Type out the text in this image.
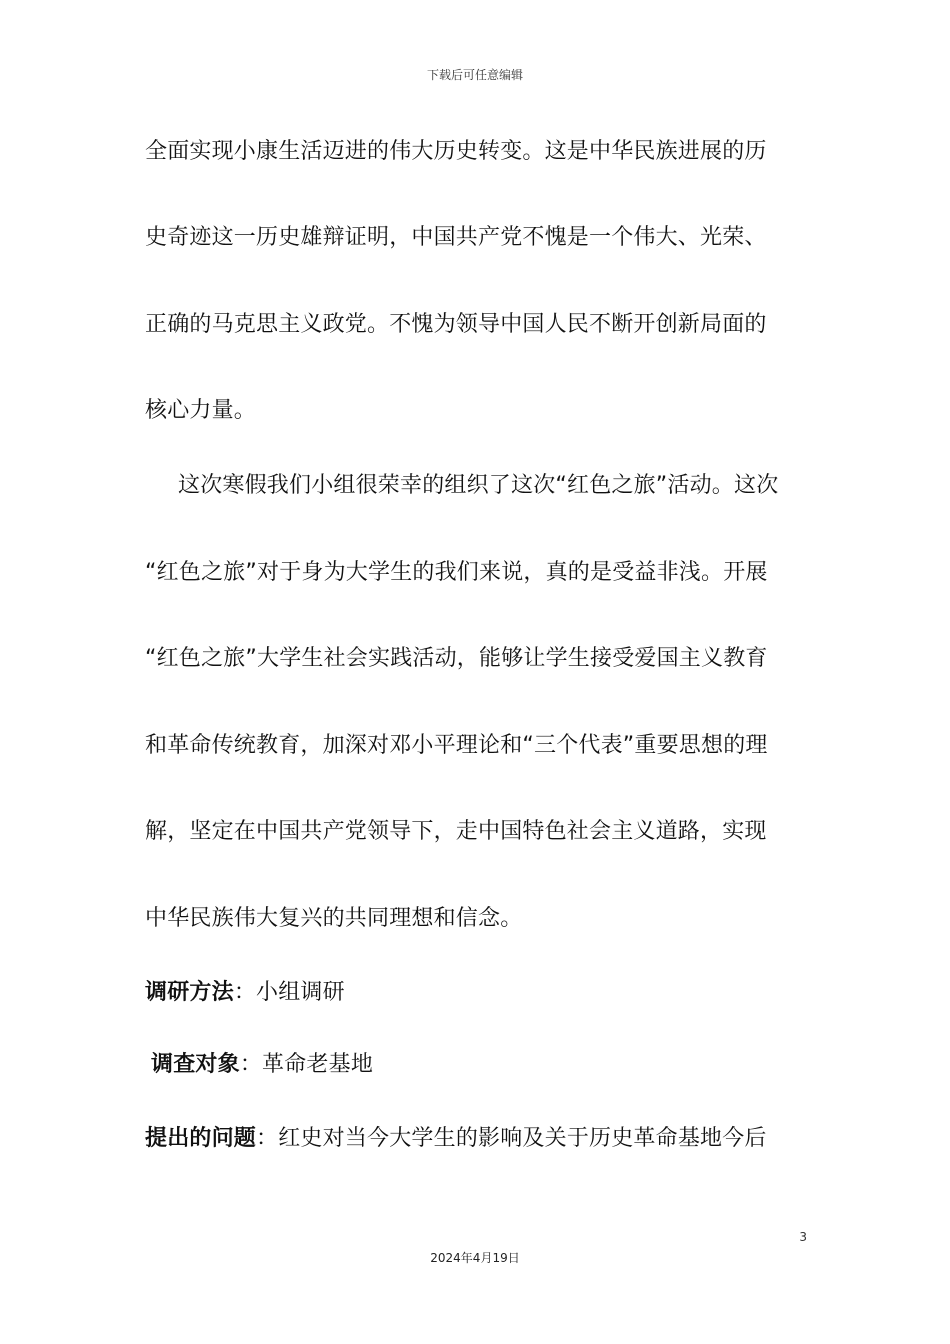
下载后可任意编辑
全面实现小康生活迈进的伟大历史转变。这是中华民族进展的历
史奇迹这一历史雄辩证明，中国共产党不愧是一个伟大、光荣、
正确的马克思主义政党。不愧为领导中国人民不断开创新局面的
核心力量。
这次寒假我们小组很荣幸的组织了这次“红色之旅”活动。这次
“红色之旅”对于身为大学生的我们来说，真的是受益非浅。开展
“红色之旅”大学生社会实践活动，能够让学生接受爱国主义教育
和革命传统教育，加深对邓小平理论和“三个代表”重要思想的理
解，坚定在中国共产党领导下，走中国特色社会主义道路，实现
中华民族伟大复兴的共同理想和信念。
调研方法：小组调研
调查对象：革命老基地
提出的问题：红史对当今大学生的影响及关于历史革命基地今后
3
2024年4月19日
